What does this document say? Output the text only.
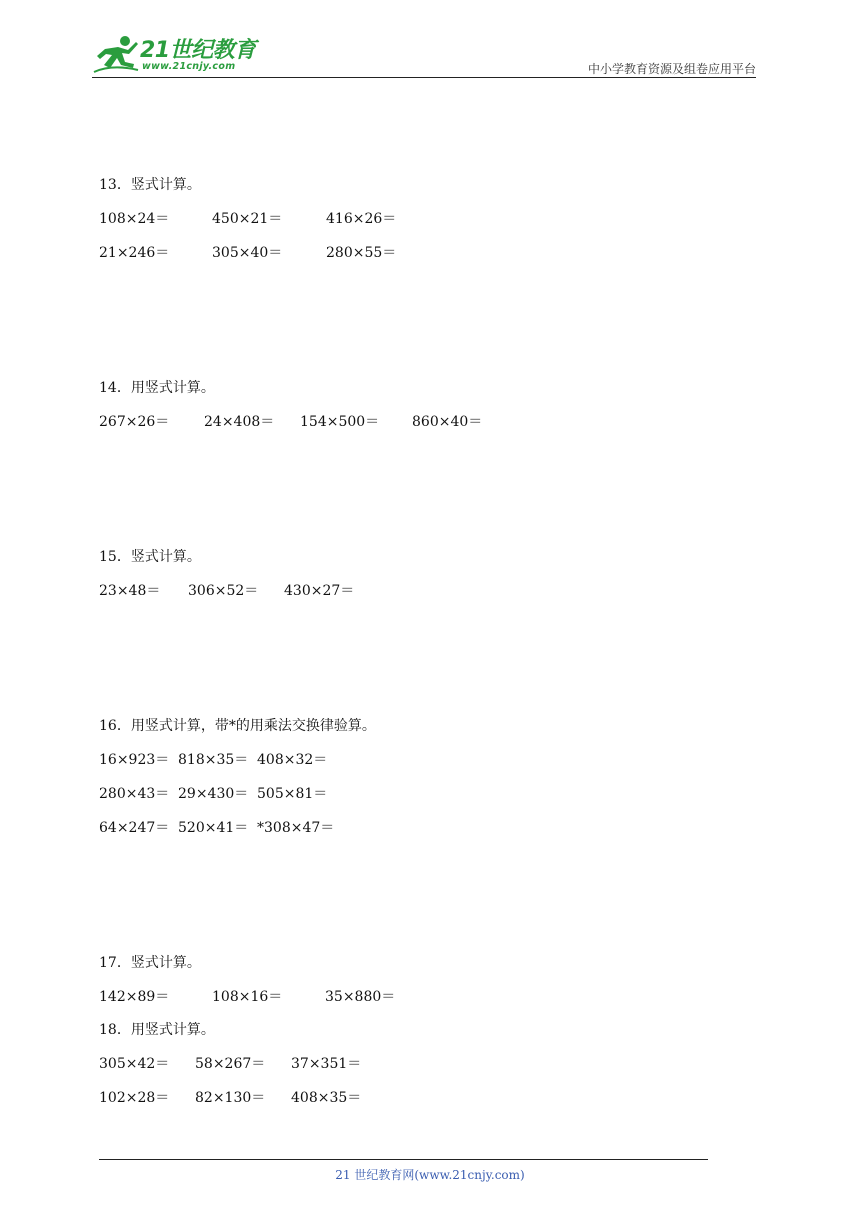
21世纪教育
www.21cnjy.com	中小学教育资源及组卷应用平台
13．竖式计算。
108×24＝	450×21＝	416×26＝
21×246＝	305×40＝	280×55＝
14．用竖式计算。
267×26＝ 24×408＝ 154×500＝ 860×40＝
15．竖式计算。
23×48＝ 306×52＝ 430×27＝
16．用竖式计算，带*的用乘法交换律验算。
16×923＝ 818×35＝ 408×32＝
280×43＝ 29×430＝ 505×81＝
64×247＝ 520×41＝ *308×47＝
17．竖式计算。
142×89＝	108×16＝	35×880＝
18．用竖式计算。
305×42＝ 58×267＝ 37×351＝
102×28＝ 82×130＝ 408×35＝
21 世纪教育网(www.21cnjy.com)
